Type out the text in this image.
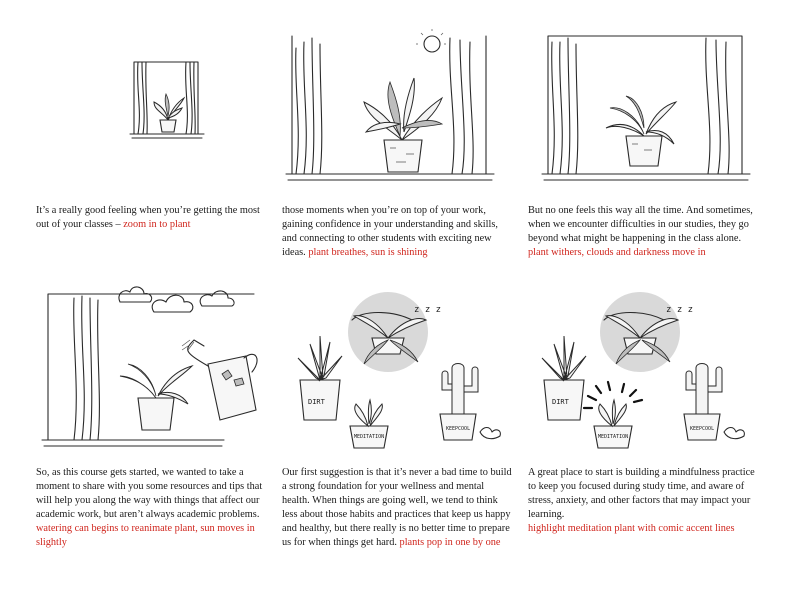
It’s a really good feeling when you’re getting the most out of your classes – zoom in to plant
those moments when you’re on top of your work, gaining confidence in your understanding and skills, and connecting to other students with exciting new ideas. plant breathes, sun is shining
But no one feels this way all the time. And sometimes, when we encounter difficulties in our studies, they go beyond what might be happening in the class alone. plant withers, clouds and darkness move in
So, as this course gets started, we wanted to take a moment to share with you some resources and tips that will help you along the way with things that affect our academic work, but aren’t always academic problems. watering can begins to reanimate plant, sun moves in slightly
z z z
DIRT
MEDITATION
KEEPCOOL
Our first suggestion is that it’s never a bad time to build a strong foundation for your wellness and mental health. When things are going well, we tend to think less about those habits and practices that keep us happy and healthy, but there really is no better time to prepare us for when things get hard. plants pop in one by one
z z z
DIRT
MEDITATION
KEEPCOOL
A great place to start is building a mindfulness practice to keep you focused during study time, and aware of stress, anxiety, and other factors that may impact your learning.
highlight meditation plant with comic accent lines
